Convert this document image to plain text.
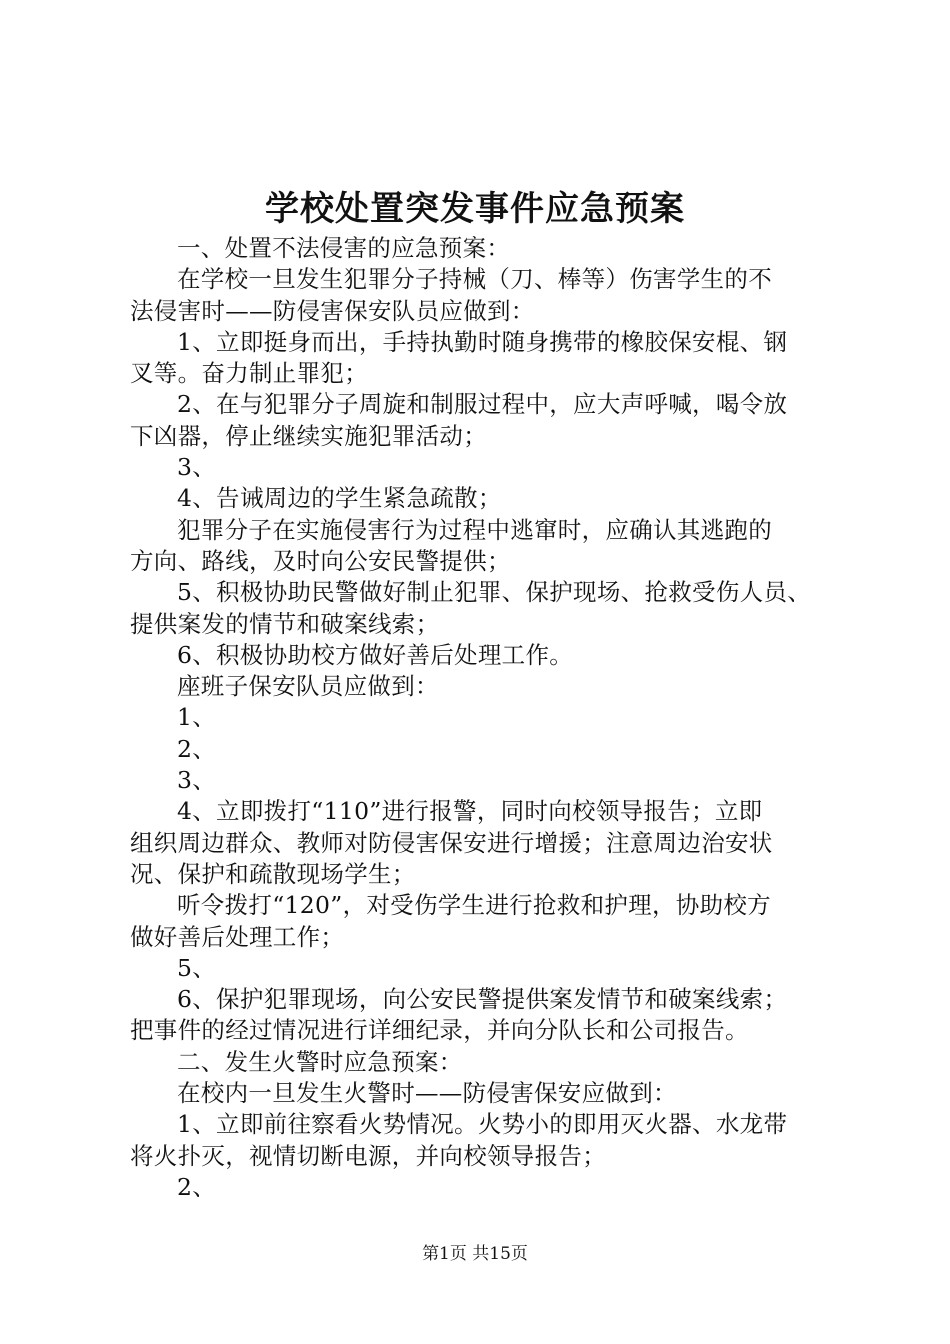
学校处置突发事件应急预案
一、处置不法侵害的应急预案：
在学校一旦发生犯罪分子持械（刀、棒等）伤害学生的不
法侵害时——防侵害保安队员应做到：
1、立即挺身而出，手持执勤时随身携带的橡胶保安棍、钢
叉等。奋力制止罪犯；
2、在与犯罪分子周旋和制服过程中，应大声呼喊，喝令放
下凶器，停止继续实施犯罪活动；
3、
4、告诫周边的学生紧急疏散；
犯罪分子在实施侵害行为过程中逃窜时，应确认其逃跑的
方向、路线，及时向公安民警提供；
5、积极协助民警做好制止犯罪、保护现场、抢救受伤人员、
提供案发的情节和破案线索；
6、积极协助校方做好善后处理工作。
座班子保安队员应做到：
1、
2、
3、
4、立即拨打“110”进行报警，同时向校领导报告；立即
组织周边群众、教师对防侵害保安进行增援；注意周边治安状
况、保护和疏散现场学生；
听令拨打“120”，对受伤学生进行抢救和护理，协助校方
做好善后处理工作；
5、
6、保护犯罪现场，向公安民警提供案发情节和破案线索；
把事件的经过情况进行详细纪录，并向分队长和公司报告。
二、发生火警时应急预案：
在校内一旦发生火警时——防侵害保安应做到：
1、立即前往察看火势情况。火势小的即用灭火器、水龙带
将火扑灭，视情切断电源，并向校领导报告；
2、
第1页 共15页
